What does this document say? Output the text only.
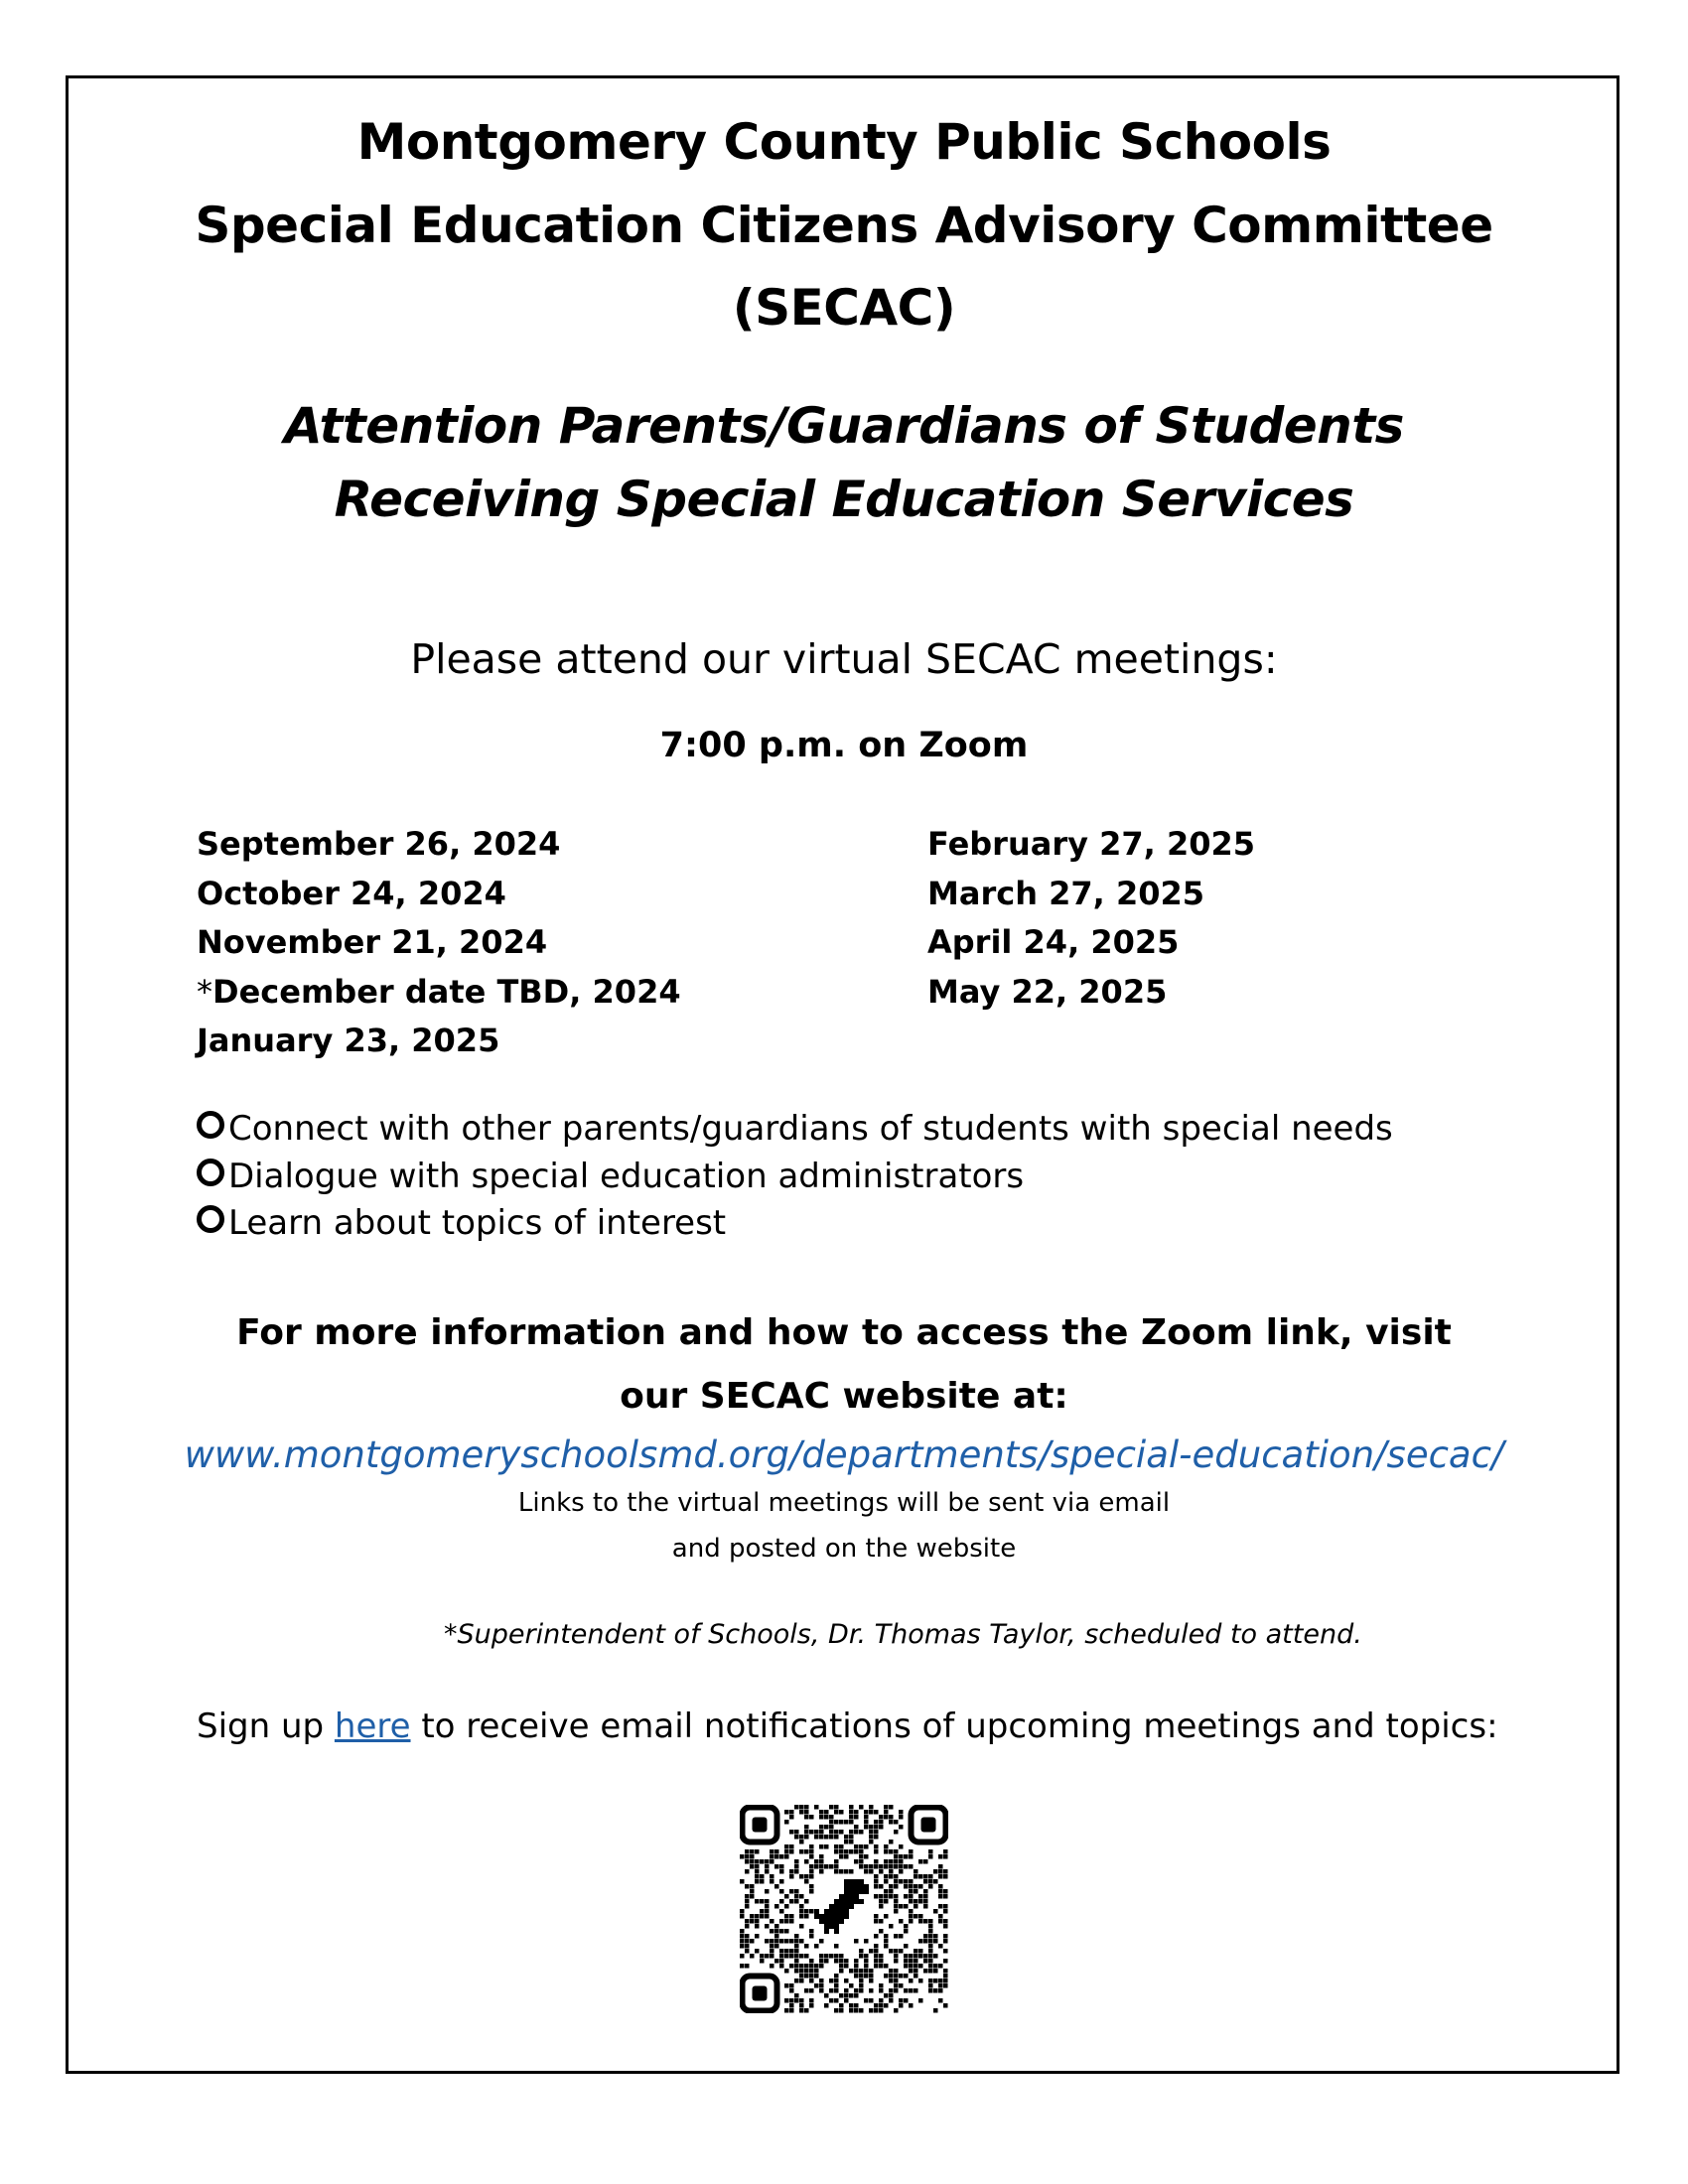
Montgomery County Public Schools
Special Education Citizens Advisory Committee
(SECAC)
Attention Parents/Guardians of Students
Receiving Special Education Services
Please attend our virtual SECAC meetings:
7:00 p.m. on Zoom
September 26, 2024
October 24, 2024
November 21, 2024
*December date TBD, 2024
January 23, 2025
February 27, 2025
March 27, 2025
April 24, 2025
May 22, 2025
Connect with other parents/guardians of students with special needs
Dialogue with special education administrators
Learn about topics of interest
For more information and how to access the Zoom link, visit
our SECAC website at:
www.montgomeryschoolsmd.org/departments/special-education/secac/
Links to the virtual meetings will be sent via email
and posted on the website
*Superintendent of Schools, Dr. Thomas Taylor, scheduled to attend.
Sign up here to receive email notifications of upcoming meetings and topics:
